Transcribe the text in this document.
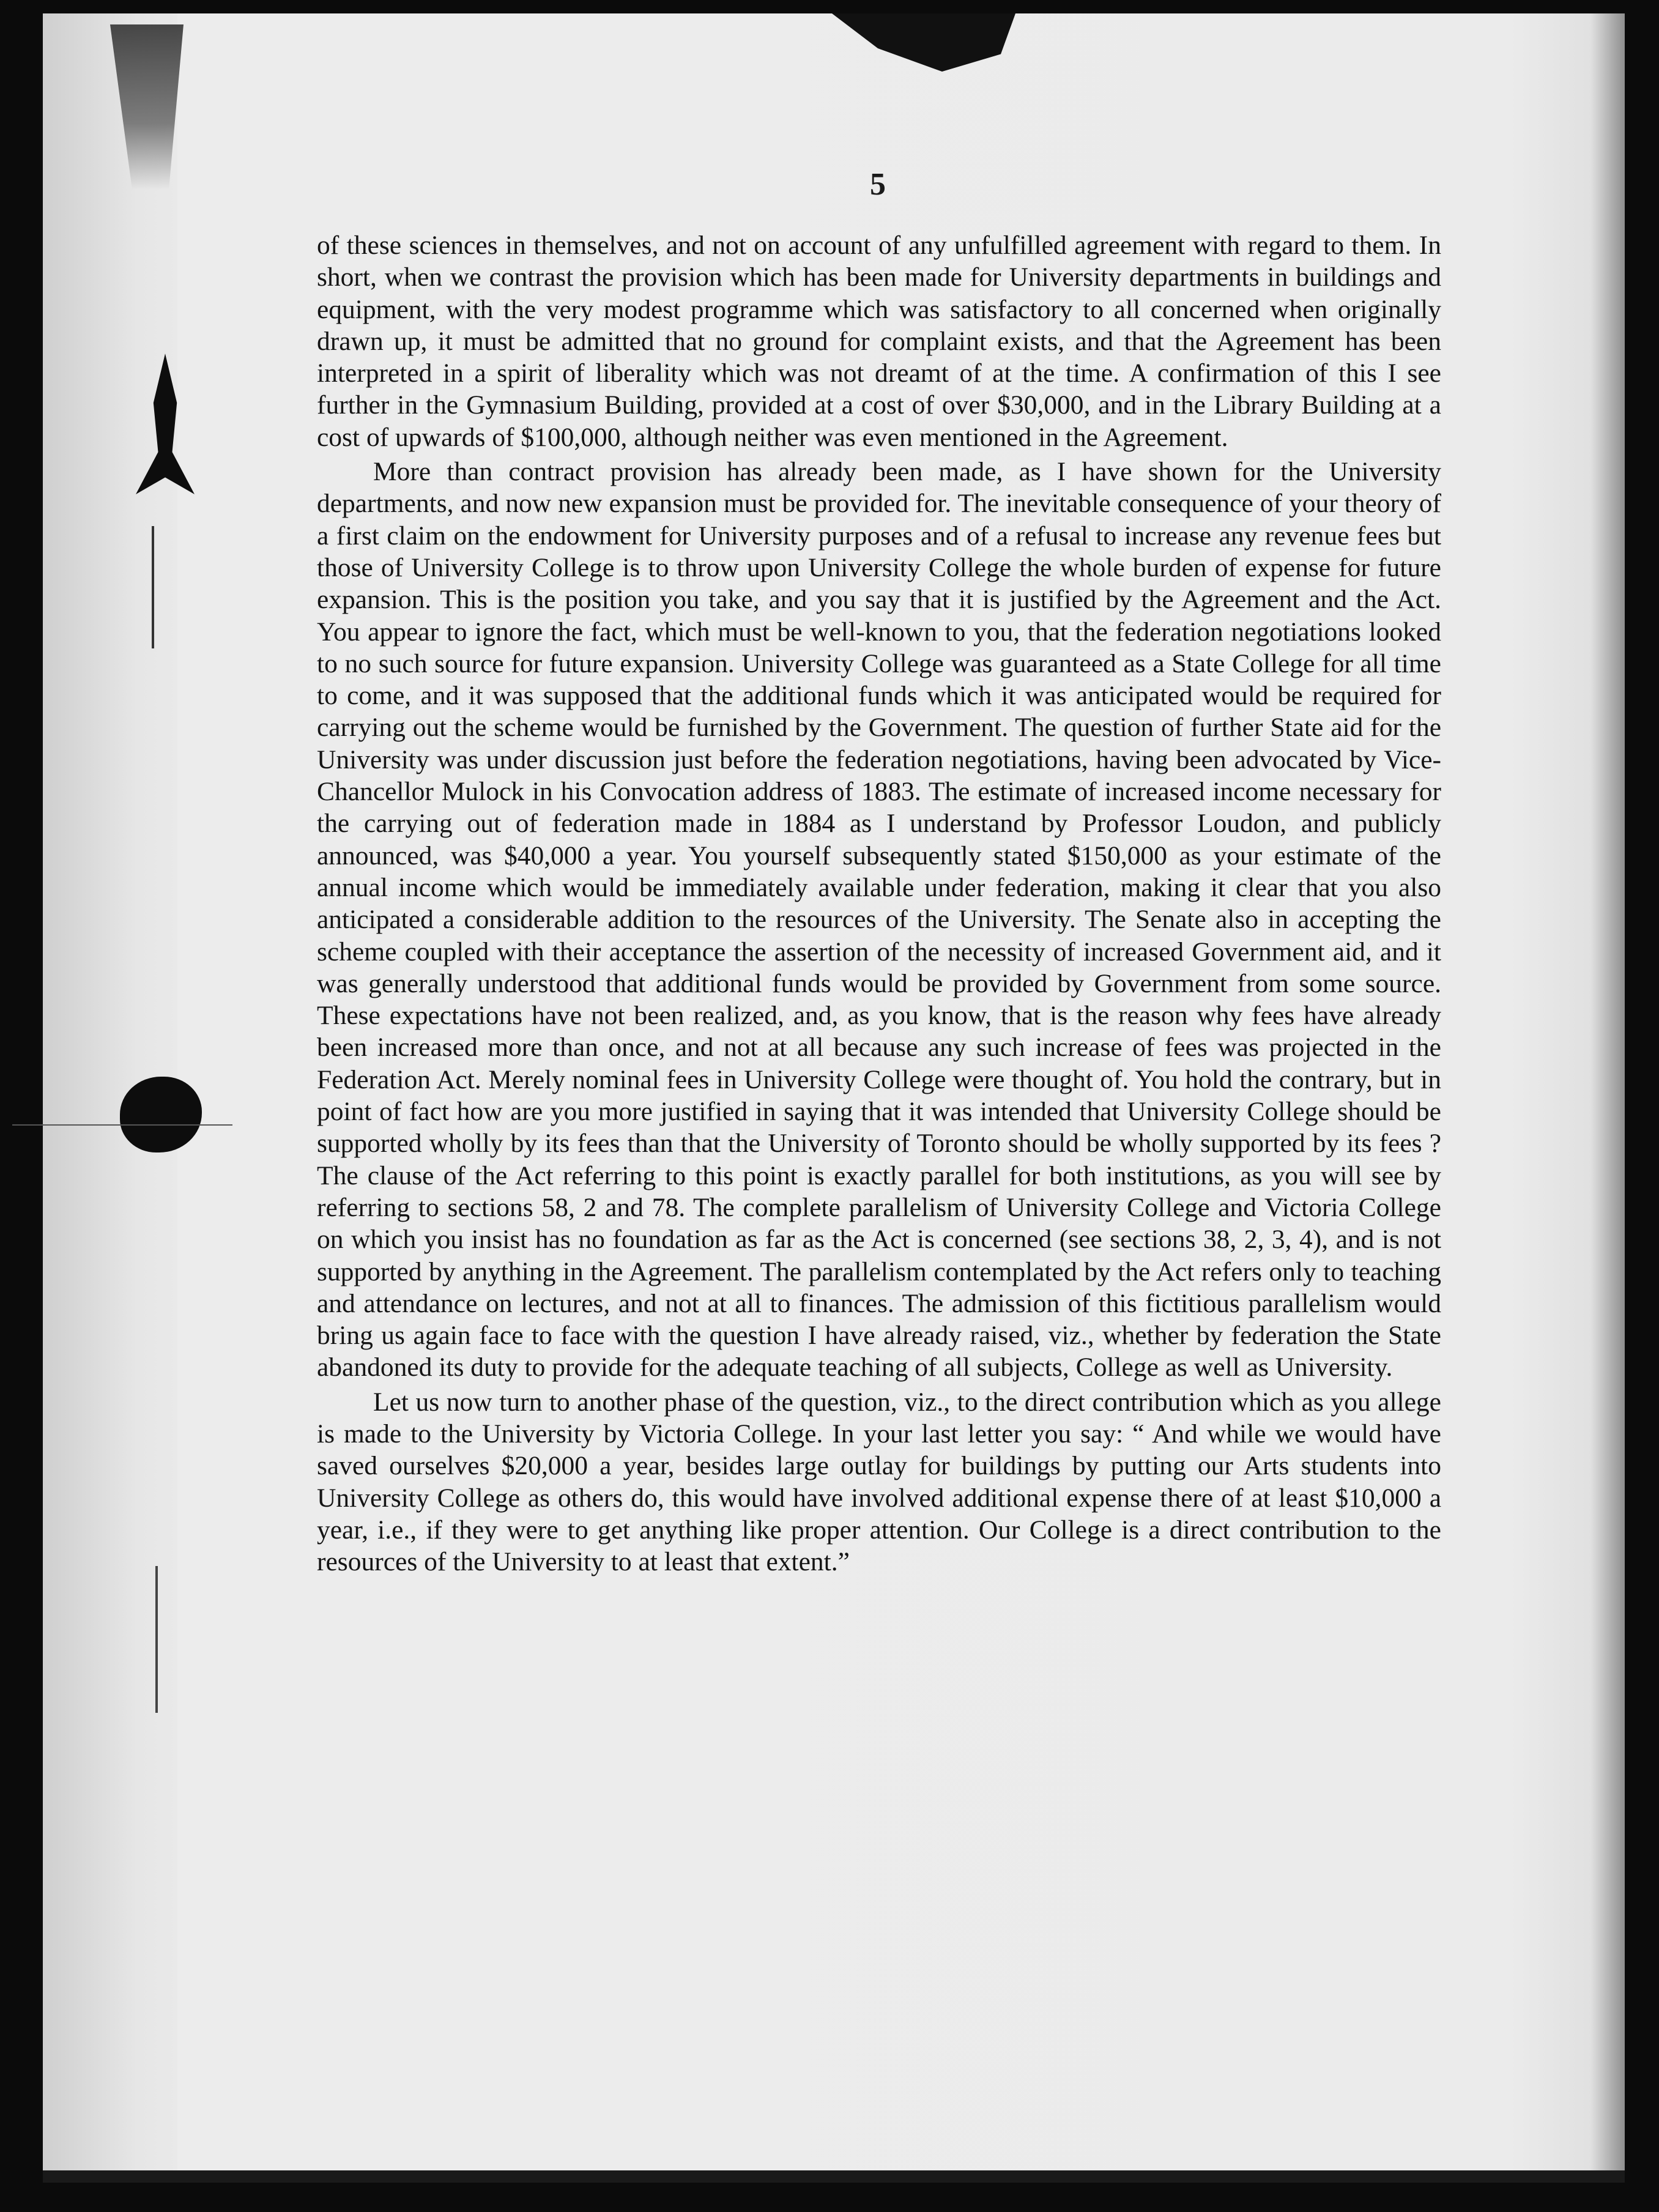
5

of these sciences in themselves, and not on account of any unfulfilled agreement with regard to them. In short, when we contrast the provision which has been made for University departments in buildings and equipment, with the very modest programme which was satisfactory to all concerned when originally drawn up, it must be admitted that no ground for complaint exists, and that the Agreement has been interpreted in a spirit of liberality which was not dreamt of at the time. A confirmation of this I see further in the Gymnasium Building, provided at a cost of over $30,000, and in the Library Building at a cost of upwards of $100,000, although neither was even mentioned in the Agreement.

More than contract provision has already been made, as I have shown for the University departments, and now new expansion must be provided for. The inevitable consequence of your theory of a first claim on the endowment for University purposes and of a refusal to increase any revenue fees but those of University College is to throw upon University College the whole burden of expense for future expansion. This is the position you take, and you say that it is justified by the Agreement and the Act. You appear to ignore the fact, which must be well-known to you, that the federation negotiations looked to no such source for future expansion. University College was guaranteed as a State College for all time to come, and it was supposed that the additional funds which it was anticipated would be required for carrying out the scheme would be furnished by the Government. The question of further State aid for the University was under discussion just before the federation negotiations, having been advocated by Vice-Chancellor Mulock in his Convocation address of 1883. The estimate of increased income necessary for the carrying out of federation made in 1884 as I understand by Professor Loudon, and publicly announced, was $40,000 a year. You yourself subsequently stated $150,000 as your estimate of the annual income which would be immediately available under federation, making it clear that you also anticipated a considerable addition to the resources of the University. The Senate also in accepting the scheme coupled with their acceptance the assertion of the necessity of increased Government aid, and it was generally understood that additional funds would be provided by Government from some source. These expectations have not been realized, and, as you know, that is the reason why fees have already been increased more than once, and not at all because any such increase of fees was projected in the Federation Act. Merely nominal fees in University College were thought of. You hold the contrary, but in point of fact how are you more justified in saying that it was intended that University College should be supported wholly by its fees than that the University of Toronto should be wholly supported by its fees ? The clause of the Act referring to this point is exactly parallel for both institutions, as you will see by referring to sections 58, 2 and 78. The complete parallelism of University College and Victoria College on which you insist has no foundation as far as the Act is concerned (see sections 38, 2, 3, 4), and is not supported by anything in the Agreement. The parallelism contemplated by the Act refers only to teaching and attendance on lectures, and not at all to finances. The admission of this fictitious parallelism would bring us again face to face with the question I have already raised, viz., whether by federation the State abandoned its duty to provide for the adequate teaching of all subjects, College as well as University.

Let us now turn to another phase of the question, viz., to the direct contribution which as you allege is made to the University by Victoria College. In your last letter you say: “ And while we would have saved ourselves $20,000 a year, besides large outlay for buildings by putting our Arts students into University College as others do, this would have involved additional expense there of at least $10,000 a year, i.e., if they were to get anything like proper attention. Our College is a direct contribution to the resources of the University to at least that extent.”
